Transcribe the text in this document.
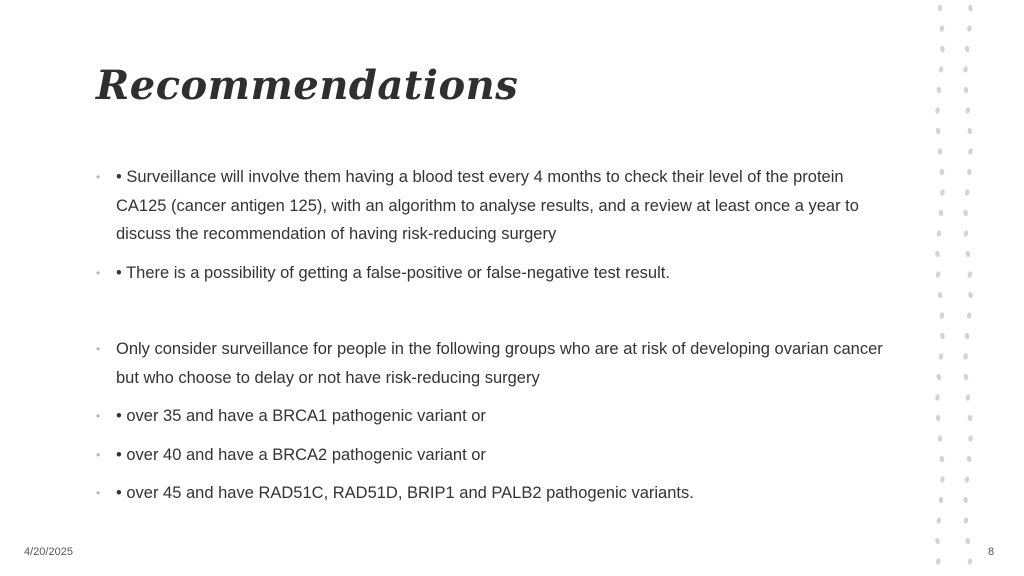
Recommendations
• • Surveillance will involve them having a blood test every 4 months to check their level of the protein CA125 (cancer antigen 125), with an algorithm to analyse results, and a review at least once a year to discuss the recommendation of having risk-reducing surgery
• • There is a possibility of getting a false-positive or false-negative test result.
• Only consider surveillance for people in the following groups who are at risk of developing ovarian cancer but who choose to delay or not have risk-reducing surgery
• • over 35 and have a BRCA1 pathogenic variant or
• • over 40 and have a BRCA2 pathogenic variant or
• • over 45 and have RAD51C, RAD51D, BRIP1 and PALB2 pathogenic variants.
4/20/2025	8
